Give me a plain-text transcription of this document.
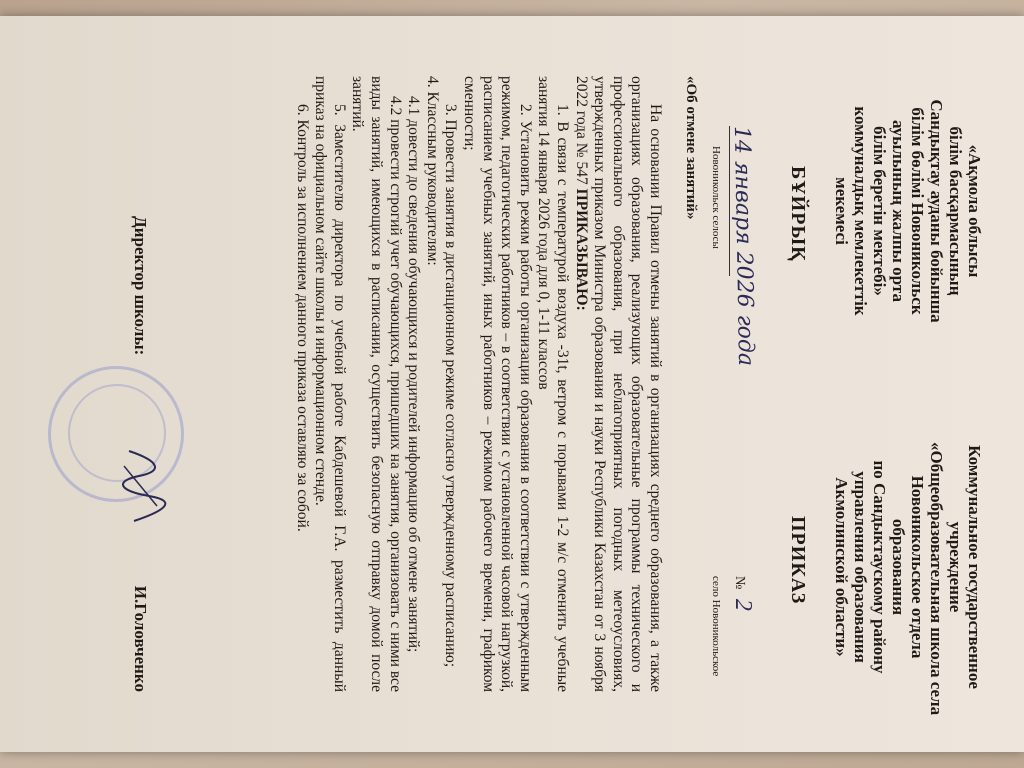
«Ақмола облысы
білім басқармасының
Сандықтау ауданы бойынша
білім бөлімі Новоникольск
ауылының жалпы орта
білім беретін мектебі»
коммуналдық мемлекеттік
мекемесі
Коммунальное государственное
учреждение
«Общеобразовательная школа села
Новоникольское отдела
образования
по Сандыктаускому району
управления образования
Акмолинской области»
БҰЙРЫҚ
ПРИКАЗ
14 января 2026 года
№ 2
Новоникольск селосы
село Новоникольское
«Об отмене занятий»

На основании Правил отмены занятий в организациях среднего образования, а также организациях образования, реализующих образовательные программы технического и профессионального образования, при неблагоприятных погодных метеоусловиях, утвержденных приказом Министра образования и науки Республики Казахстан от 3 ноября 2022 года № 547 ПРИКАЗЫВАЮ:

1. В связи с температурой воздуха -31t, ветром с порывами 1-2 м/с отменить учебные занятия 14 января 2026 года для 0, 1-11 классов

2. Установить режим работы организации образования в соответствии с утвержденным режимом, педагогических работников – в соответствии с установленной часовой нагрузкой, расписанием учебных занятий, иных работников – режимом рабочего времени, графиком сменности;

3. Провести занятия в дистанционном режиме согласно утвержденному расписанию;

4. Классным руководителям:

4.1 довести до сведения обучающихся и родителей информацию об отмене занятий;

4.2 провести строгий учет обучающихся, пришедших на занятия, организовать с ними все виды занятий, имеющихся в расписании, осуществить безопасную отправку домой после занятий.

5. Заместителю директора по учебной работе Кабдешевой Г.А. разместить данный приказ на официальном сайте школы и информационном стенде.

6. Контроль за исполнением данного приказа оставляю за собой.

Директор школы:
И.Головченко
